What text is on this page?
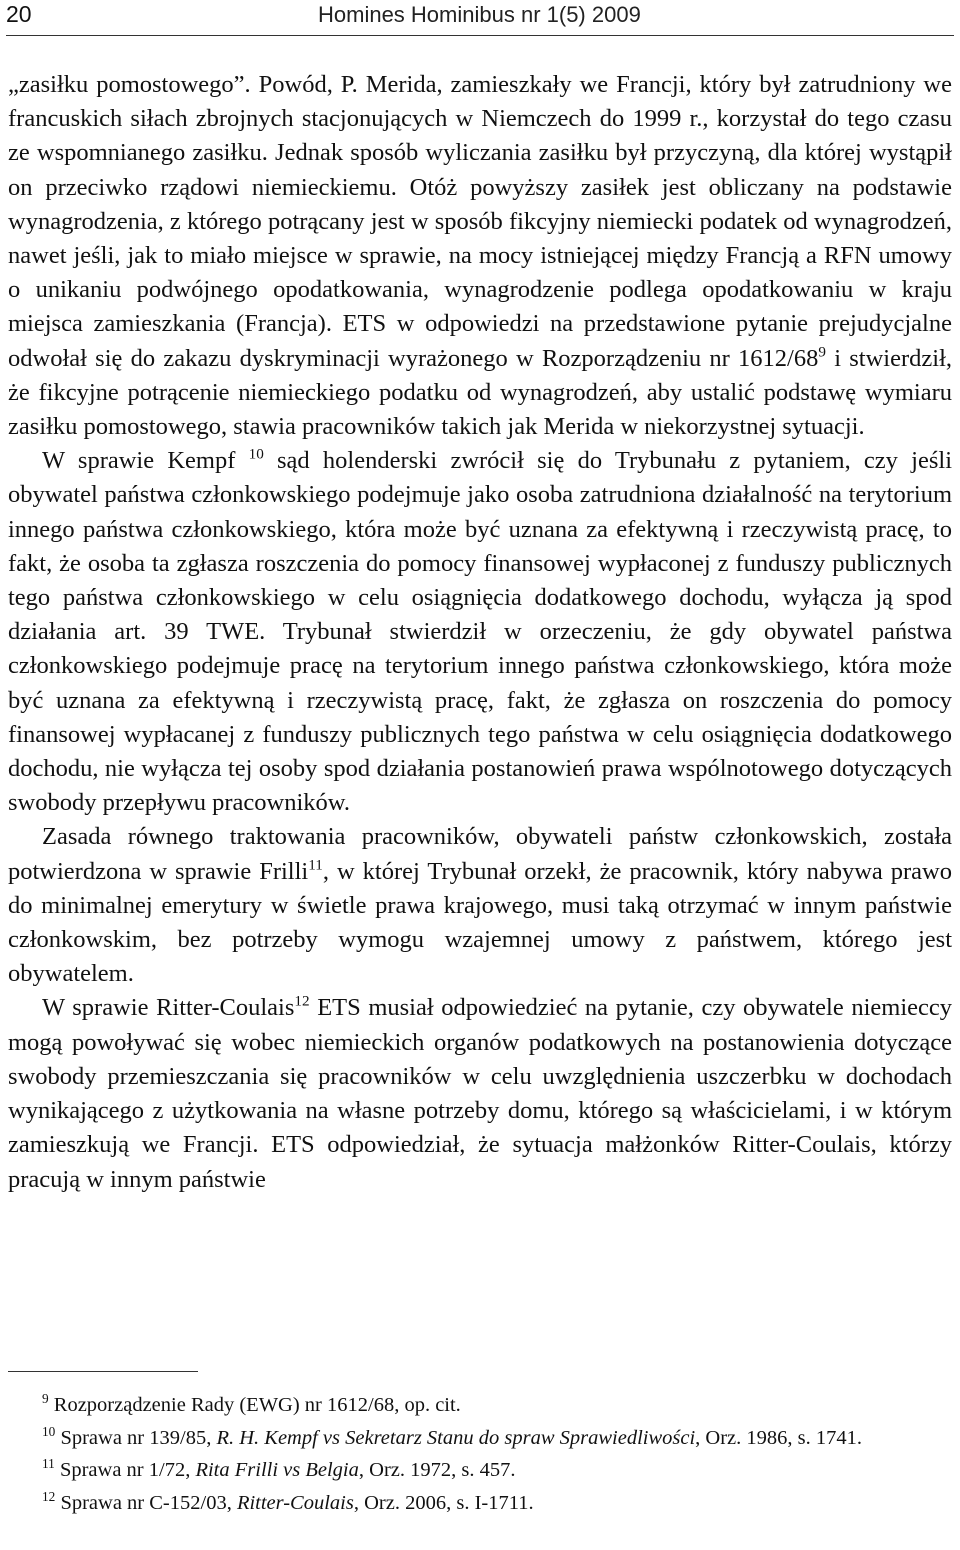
20	Homines Hominibus nr 1(5) 2009

„zasiłku pomostowego”. Powód, P. Merida, zamieszkały we Francji, który był zatrudniony we francuskich siłach zbrojnych stacjonujących w Niemczech do 1999 r., korzystał do tego czasu ze wspomnianego zasiłku. Jednak sposób wyliczania zasiłku był przyczyną, dla której wystąpił on przeciwko rządowi niemieckiemu. Otóż powyższy zasiłek jest obliczany na podstawie wynagrodzenia, z którego potrącany jest w sposób fikcyjny niemiecki podatek od wynagrodzeń, nawet jeśli, jak to miało miejsce w sprawie, na mocy istniejącej między Francją a RFN umowy o unikaniu podwójnego opodatkowania, wynagrodzenie podlega opodatkowaniu w kraju miejsca zamieszkania (Francja). ETS w odpowiedzi na przedstawione pytanie prejudycjalne odwołał się do zakazu dyskryminacji wyrażonego w Rozporządzeniu nr $1612/68^9$ i stwierdził, że fikcyjne potrącenie niemieckiego podatku od wynagrodzeń, aby ustalić podstawę wymiaru zasiłku pomostowego, stawia pracowników takich jak Merida w niekorzystnej sytuacji.

W sprawie Kempf $^{10}$ sąd holenderski zwrócił się do Trybunału z pytaniem, czy jeśli obywatel państwa członkowskiego podejmuje jako osoba zatrudniona działalność na terytorium innego państwa członkowskiego, która może być uznana za efektywną i rzeczywistą pracę, to fakt, że osoba ta zgłasza roszczenia do pomocy finansowej wypłaconej z funduszy publicznych tego państwa członkowskiego w celu osiągnięcia dodatkowego dochodu, wyłącza ją spod działania art. 39 TWE. Trybunał stwierdził w orzeczeniu, że gdy obywatel państwa członkowskiego podejmuje pracę na terytorium innego państwa członkowskiego, która może być uznana za efektywną i rzeczywistą pracę, fakt, że zgłasza on roszczenia do pomocy finansowej wypłacanej z funduszy publicznych tego państwa w celu osiągnięcia dodatkowego dochodu, nie wyłącza tej osoby spod działania postanowień prawa wspólnotowego dotyczących swobody przepływu pracowników.

Zasada równego traktowania pracowników, obywateli państw członkowskich, została potwierdzona w sprawie Frilli$^{11}$, w której Trybunał orzekł, że pracownik, który nabywa prawo do minimalnej emerytury w świetle prawa krajowego, musi taką otrzymać w innym państwie członkowskim, bez potrzeby wymogu wzajemnej umowy z państwem, którego jest obywatelem.

W sprawie Ritter-Coulais$^{12}$ ETS musiał odpowiedzieć na pytanie, czy obywatele niemieccy mogą powoływać się wobec niemieckich organów podatkowych na postanowienia dotyczące swobody przemieszczania się pracowników w celu uwzględnienia uszczerbku w dochodach wynikającego z użytkowania na własne potrzeby domu, którego są właścicielami, i w którym zamieszkują we Francji. ETS odpowiedział, że sytuacja małżonków Ritter-Coulais, którzy pracują w innym państwie

$^9$ Rozporządzenie Rady (EWG) nr 1612/68, op. cit.

$^{10}$ Sprawa nr 139/85, R. H. Kempf vs Sekretarz Stanu do spraw Sprawiedliwości, Orz. 1986, s. 1741.

$^{11}$ Sprawa nr 1/72, Rita Frilli vs Belgia, Orz. 1972, s. 457.

$^{12}$ Sprawa nr C-152/03, Ritter-Coulais, Orz. 2006, s. I-1711.
